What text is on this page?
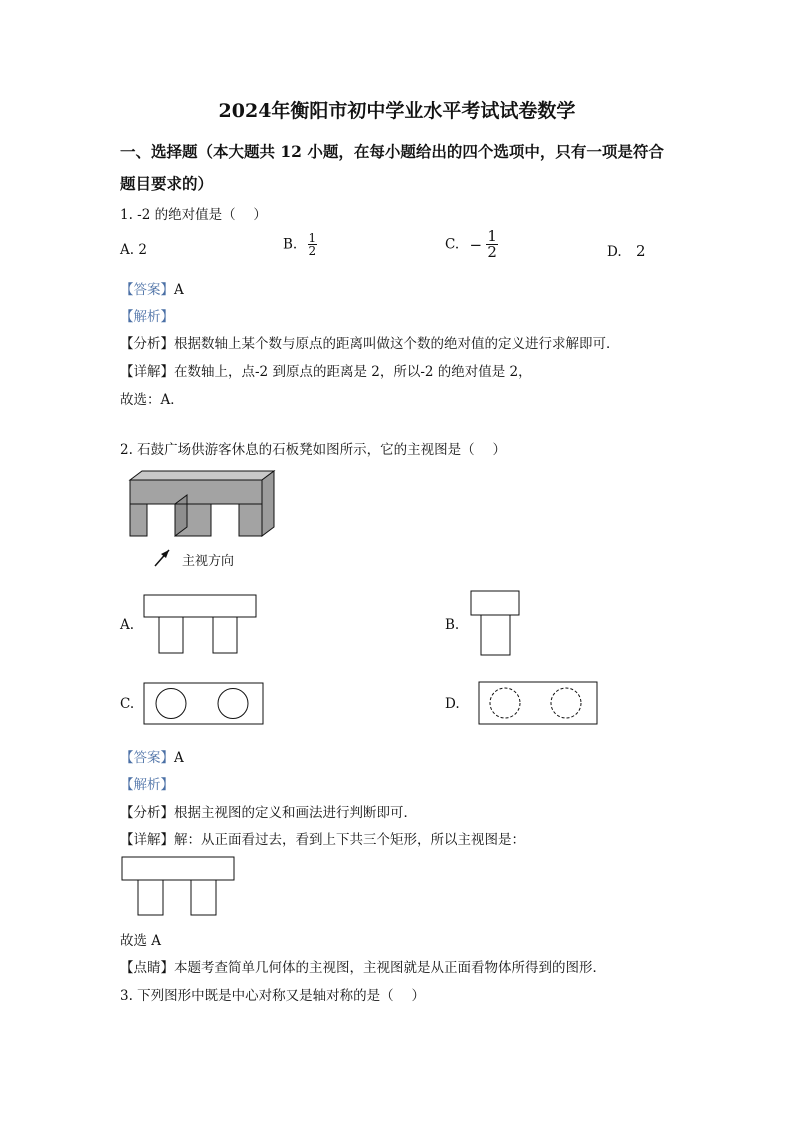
2024年衡阳市初中学业水平考试试卷数学
一、选择题（本大题共 12 小题，在每小题给出的四个选项中，只有一项是符合
题目要求的）
1. -2 的绝对值是（　 ）
A. 2	B. $\frac{1}{2}$	C. − $\frac{1}{2}$	D. 2
【答案】A
【解析】
【分析】根据数轴上某个数与原点的距离叫做这个数的绝对值的定义进行求解即可．
【详解】在数轴上，点-2 到原点的距离是 2，所以-2 的绝对值是 2，
故选：A．
2. 石鼓广场供游客休息的石板凳如图所示，它的主视图是（　 ）
主视方向
A.	B.
C.	D.
【答案】A
【解析】
【分析】根据主视图的定义和画法进行判断即可．
【详解】解：从正面看过去，看到上下共三个矩形，所以主视图是：
故选 A
【点睛】本题考查简单几何体的主视图，主视图就是从正面看物体所得到的图形．
3. 下列图形中既是中心对称又是轴对称的是（　 ）
